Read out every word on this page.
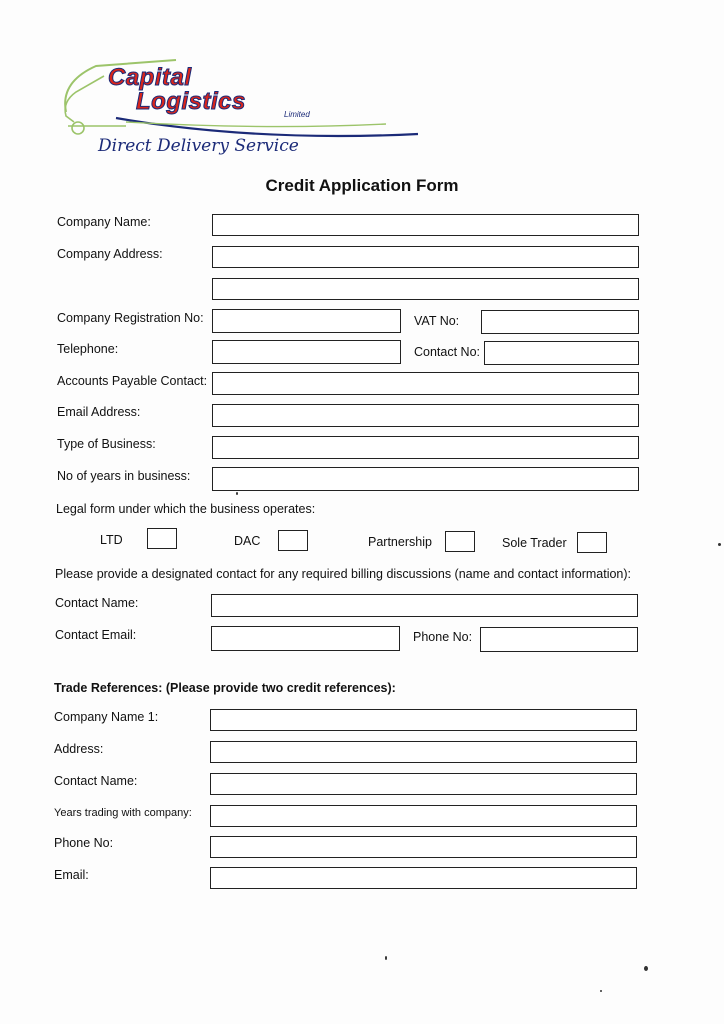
Capital
Logistics	Limited
Direct Delivery Service
Credit Application Form
Company Name:
Company Address:
Company Registration No:	VAT No:
Telephone:	Contact No:
Accounts Payable Contact:
Email Address:
Type of Business:
No of years in business:
Legal form under which the business operates:
LTD	DAC	Partnership	Sole Trader
Please provide a designated contact for any required billing discussions (name and contact information):
Contact Name:
Contact Email:	Phone No:
Trade References: (Please provide two credit references):
Company Name 1:
Address:
Contact Name:
Years trading with company:
Phone No:
Email:
